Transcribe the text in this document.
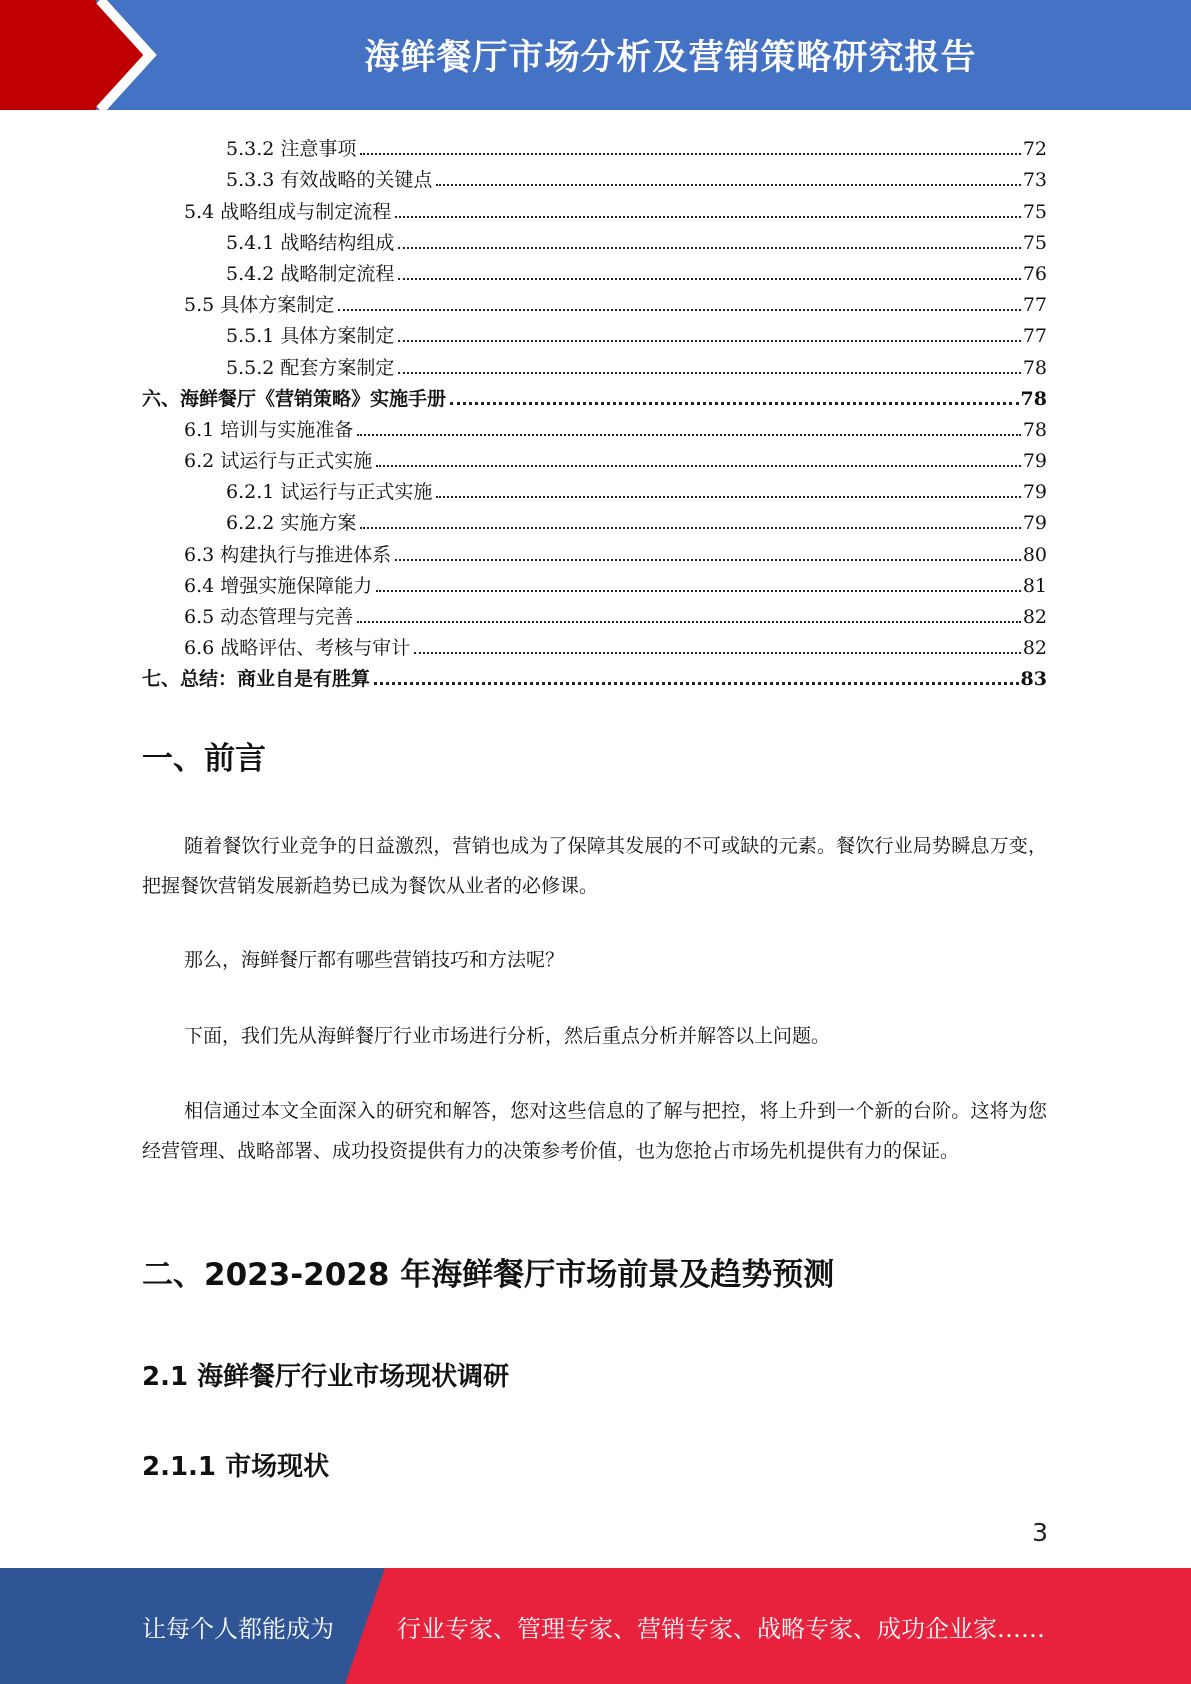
海鲜餐厅市场分析及营销策略研究报告
5.3.2 注意事项	72
5.3.3 有效战略的关键点	73
5.4 战略组成与制定流程	75
5.4.1 战略结构组成	75
5.4.2 战略制定流程	76
5.5 具体方案制定	77
5.5.1 具体方案制定	77
5.5.2 配套方案制定	78
六、海鲜餐厅《营销策略》实施手册	78
6.1 培训与实施准备	78
6.2 试运行与正式实施	79
6.2.1 试运行与正式实施	79
6.2.2 实施方案	79
6.3 构建执行与推进体系	80
6.4 增强实施保障能力	81
6.5 动态管理与完善	82
6.6 战略评估、考核与审计	82
七、总结：商业自是有胜算	83
一、前言
随着餐饮行业竞争的日益激烈，营销也成为了保障其发展的不可或缺的元素。餐饮行业局势瞬息万变，把握餐饮营销发展新趋势已成为餐饮从业者的必修课。
那么，海鲜餐厅都有哪些营销技巧和方法呢？
下面，我们先从海鲜餐厅行业市场进行分析，然后重点分析并解答以上问题。
相信通过本文全面深入的研究和解答，您对这些信息的了解与把控，将上升到一个新的台阶。这将为您经营管理、战略部署、成功投资提供有力的决策参考价值，也为您抢占市场先机提供有力的保证。
二、2023-2028 年海鲜餐厅市场前景及趋势预测
2.1 海鲜餐厅行业市场现状调研
2.1.1 市场现状
3
让每个人都能成为	行业专家、管理专家、营销专家、战略专家、成功企业家……
